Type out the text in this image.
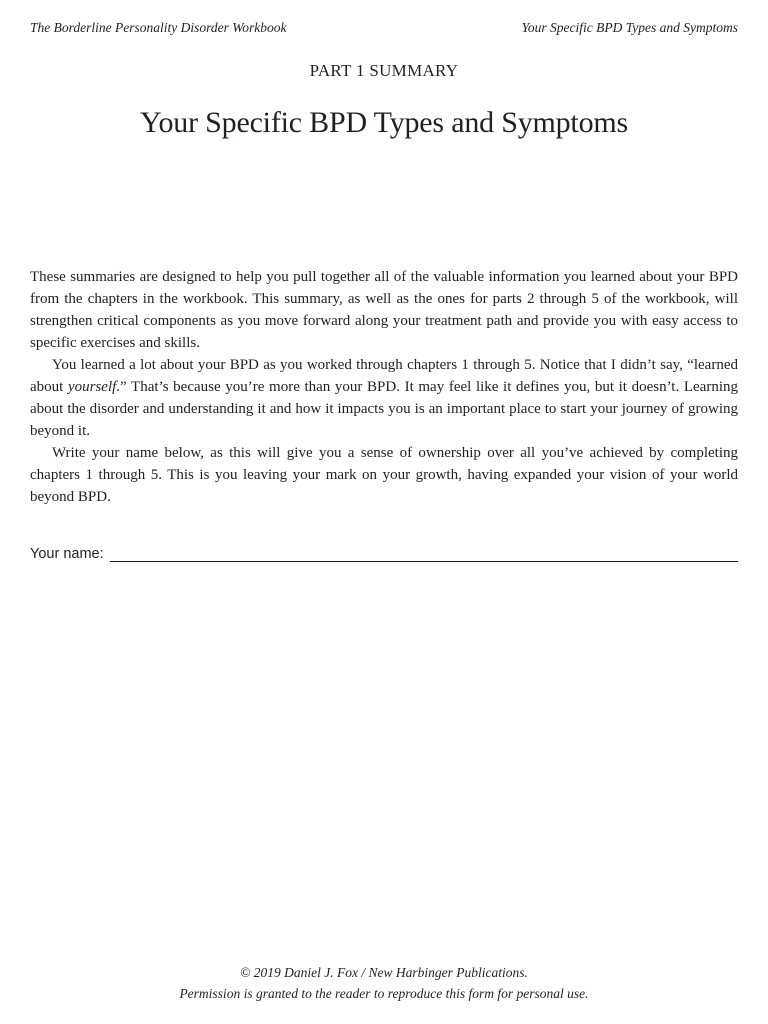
The Borderline Personality Disorder Workbook	Your Specific BPD Types and Symptoms
PART 1 SUMMARY
Your Specific BPD Types and Symptoms

These summaries are designed to help you pull together all of the valuable information you learned about your BPD from the chapters in the workbook. This summary, as well as the ones for parts 2 through 5 of the workbook, will strengthen critical components as you move forward along your treatment path and provide you with easy access to specific exercises and skills.

You learned a lot about your BPD as you worked through chapters 1 through 5. Notice that I didn’t say, “learned about yourself.” That’s because you’re more than your BPD. It may feel like it defines you, but it doesn’t. Learning about the disorder and understanding it and how it impacts you is an important place to start your journey of growing beyond it.

Write your name below, as this will give you a sense of ownership over all you’ve achieved by completing chapters 1 through 5. This is you leaving your mark on your growth, having expanded your vision of your world beyond BPD.

Your name:
© 2019 Daniel J. Fox / New Harbinger Publications.
Permission is granted to the reader to reproduce this form for personal use.
